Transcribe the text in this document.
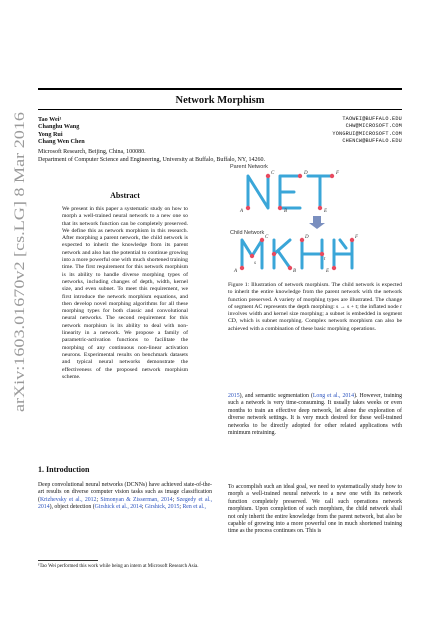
arXiv:1603.01670v2 [cs.LG] 8 Mar 2016
Network Morphism
Tao Wei¹
Changhu Wang
Yong Rui
Chang Wen Chen
TAOWEI@BUFFALO.EDU
CHW@MICROSOFT.COM
YONGRUI@MICROSOFT.COM
CHENCW@BUFFALO.EDU
Microsoft Research, Beijing, China, 100080.
Department of Computer Science and Engineering, University at Buffalo, Buffalo, NY, 14260.
Abstract
We present in this paper a systematic study on how to morph a well-trained neural network to a new one so that its network function can be completely preserved. We define this as network morphism in this research. After morphing a parent network, the child network is expected to inherit the knowledge from its parent network and also has the potential to continue growing into a more powerful one with much shortened training time. The first requirement for this network morphism is its ability to handle diverse morphing types of networks, including changes of depth, width, kernel size, and even subnet. To meet this requirement, we first introduce the network morphism equations, and then develop novel morphing algorithms for all these morphing types for both classic and convolutional neural networks. The second requirement for this network morphism is its ability to deal with non-linearity in a network. We propose a family of parametric-activation functions to facilitate the morphing of any continuous non-linear activation neurons. Experimental results on benchmark datasets and typical neural networks demonstrate the effectiveness of the proposed network morphism scheme.
1. Introduction
Deep convolutional neural networks (DCNNs) have achieved state-of-the-art results on diverse computer vision tasks such as image classification (Krizhevsky et al., 2012; Simonyan & Zisserman, 2014; Szegedy et al., 2014), object detection (Girshick et al., 2014; Girshick, 2015; Ren et al.,
¹Tao Wei performed this work while being an intern at Microsoft Research Asia.
Parent Network
A
C
B
D	F
E
Child Network
A
C
B
D	F
E
s
t
Figure 1: Illustration of network morphism. The child network is expected to inherit the entire knowledge from the parent network with the network function preserved. A variety of morphing types are illustrated. The change of segment AC represents the depth morphing: s → s + t; the inflated node r involves width and kernel size morphing; a subnet is embedded in segment CD, which is subnet morphing. Complex network morphism can also be achieved with a combination of these basic morphing operations.
2015), and semantic segmentation (Long et al., 2014). However, training such a network is very time-consuming. It usually takes weeks or even months to train an effective deep network, let alone the exploration of diverse network settings. It is very much desired for these well-trained networks to be directly adopted for other related applications with minimum retraining.
To accomplish such an ideal goal, we need to systematically study how to morph a well-trained neural network to a new one with its network function completely preserved. We call such operations network morphism. Upon completion of such morphism, the child network shall not only inherit the entire knowledge from the parent network, but also be capable of growing into a more powerful one in much shortened training time as the process continues on. This is
